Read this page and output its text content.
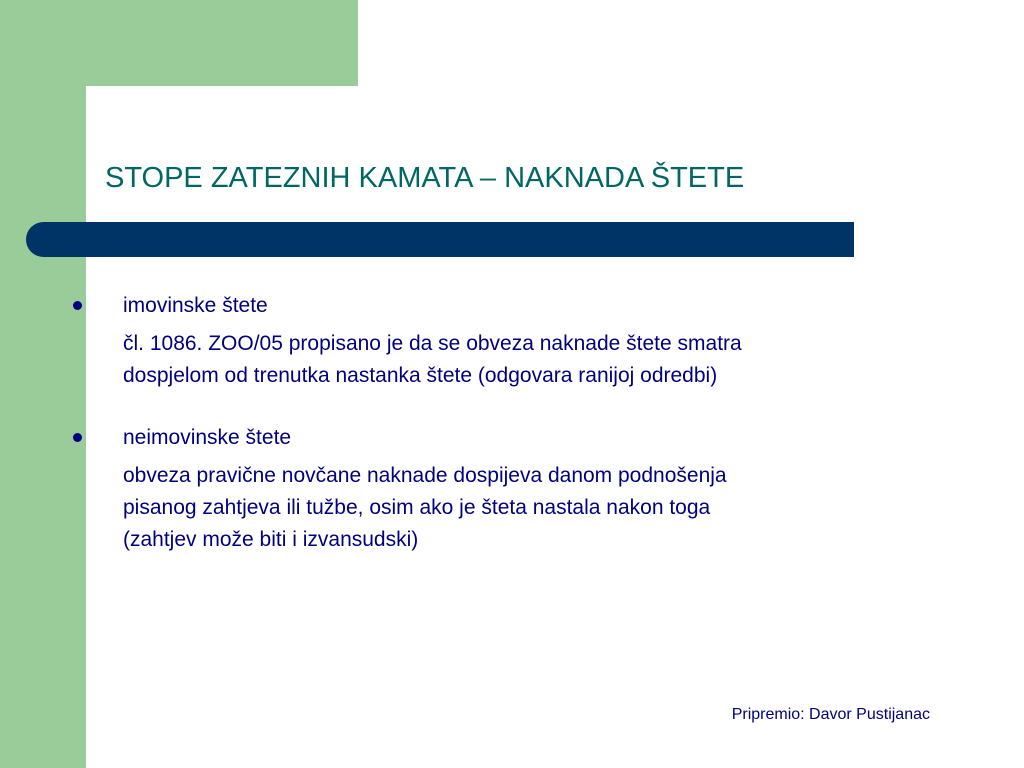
STOPE ZATEZNIH KAMATA – NAKNADA ŠTETE
imovinske štete
čl. 1086. ZOO/05 propisano je da se obveza naknade štete smatra
dospjelom od trenutka nastanka štete (odgovara ranijoj odredbi)
neimovinske štete
obveza pravične novčane naknade dospijeva danom podnošenja
pisanog zahtjeva ili tužbe, osim ako je šteta nastala nakon toga
(zahtjev može biti i izvansudski)
Pripremio: Davor Pustijanac
